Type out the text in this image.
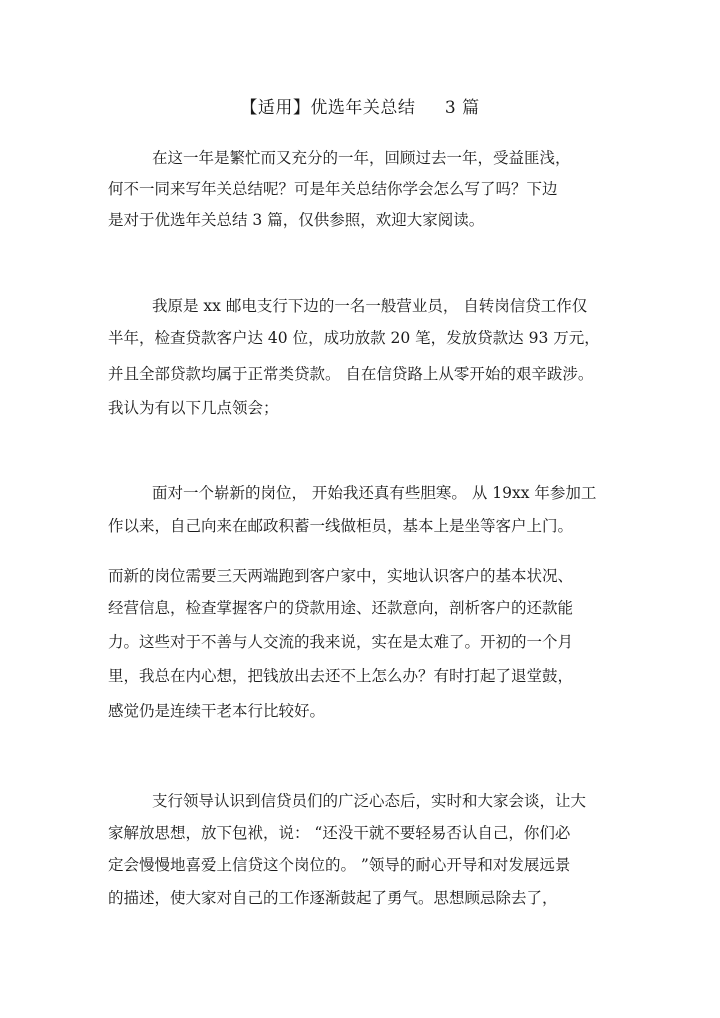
【适用】优选年关总结     3 篇
在这一年是繁忙而又充分的一年，回顾过去一年，受益匪浅，
何不一同来写年关总结呢？可是年关总结你学会怎么写了吗？下边
是对于优选年关总结 3 篇，仅供参照，欢迎大家阅读。
我原是 xx 邮电支行下边的一名一般营业员， 自转岗信贷工作仅
半年，检查贷款客户达 40 位，成功放款 20 笔，发放贷款达 93 万元，
并且全部贷款均属于正常类贷款。 自在信贷路上从零开始的艰辛跋涉。
我认为有以下几点领会；
面对一个崭新的岗位， 开始我还真有些胆寒。 从 19xx 年参加工
作以来，自己向来在邮政积蓄一线做柜员，基本上是坐等客户上门。
而新的岗位需要三天两端跑到客户家中，实地认识客户的基本状况、
经营信息，检查掌握客户的贷款用途、还款意向，剖析客户的还款能
力。这些对于不善与人交流的我来说，实在是太难了。开初的一个月
里，我总在内心想，把钱放出去还不上怎么办？有时打起了退堂鼓，
感觉仍是连续干老本行比较好。
支行领导认识到信贷员们的广泛心态后，实时和大家会谈，让大
家解放思想，放下包袱，说： “还没干就不要轻易否认自己，你们必
定会慢慢地喜爱上信贷这个岗位的。 ”领导的耐心开导和对发展远景
的描述，使大家对自己的工作逐渐鼓起了勇气。思想顾忌除去了，
